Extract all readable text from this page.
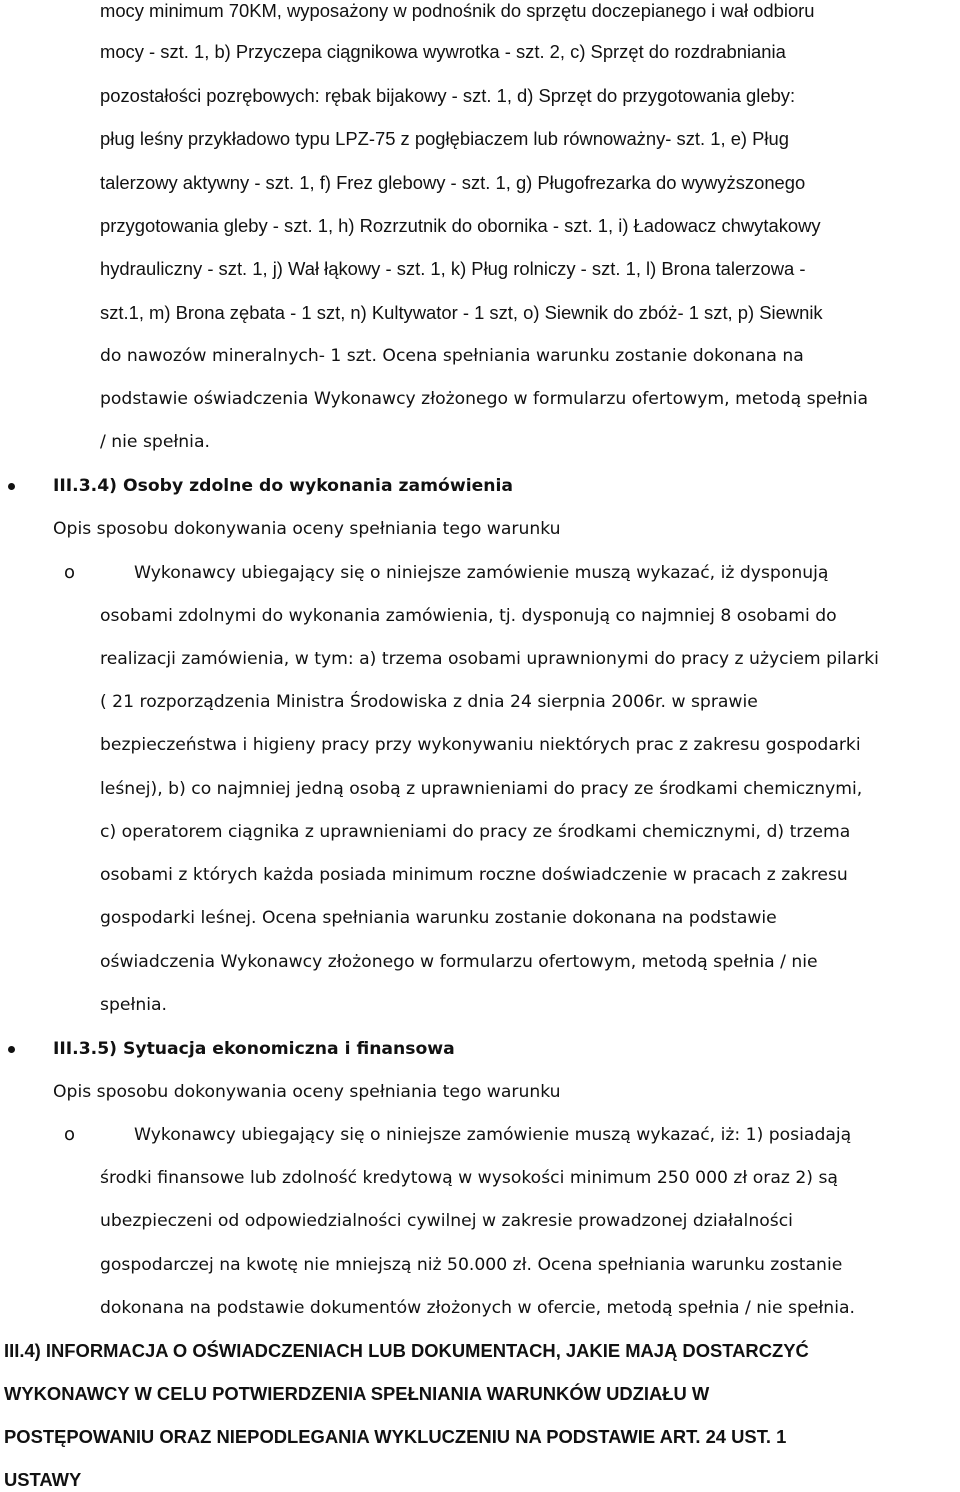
mocy minimum 70KM, wyposażony w podnośnik do sprzętu doczepianego i wał odbioru

mocy - szt. 1, b) Przyczepa ciągnikowa wywrotka - szt. 2, c) Sprzęt do rozdrabniania

pozostałości pozrębowych: rębak bijakowy - szt. 1, d) Sprzęt do przygotowania gleby:

pług leśny przykładowo typu LPZ-75 z pogłębiaczem lub równoważny- szt. 1, e) Pług

talerzowy aktywny - szt. 1, f) Frez glebowy - szt. 1, g) Pługofrezarka do wywyższonego

przygotowania gleby - szt. 1, h) Rozrzutnik do obornika - szt. 1, i) Ładowacz chwytakowy

hydrauliczny - szt. 1, j) Wał łąkowy - szt. 1, k) Pług rolniczy - szt. 1, l) Brona talerzowa -

szt.1, m) Brona zębata - 1 szt, n) Kultywator - 1 szt, o) Siewnik do zbóż- 1 szt, p) Siewnik

do nawozów mineralnych- 1 szt. Ocena spełniania warunku zostanie dokonana na

podstawie oświadczenia Wykonawcy złożonego w formularzu ofertowym, metodą spełnia

/ nie spełnia.

III.3.4) Osoby zdolne do wykonania zamówienia

Opis sposobu dokonywania oceny spełniania tego warunku

o	Wykonawcy ubiegający się o niniejsze zamówienie muszą wykazać, iż dysponują

osobami zdolnymi do wykonania zamówienia, tj. dysponują co najmniej 8 osobami do

realizacji zamówienia, w tym: a) trzema osobami uprawnionymi do pracy z użyciem pilarki

( 21 rozporządzenia Ministra Środowiska z dnia 24 sierpnia 2006r. w sprawie

bezpieczeństwa i higieny pracy przy wykonywaniu niektórych prac z zakresu gospodarki

leśnej), b) co najmniej jedną osobą z uprawnieniami do pracy ze środkami chemicznymi,

c) operatorem ciągnika z uprawnieniami do pracy ze środkami chemicznymi, d) trzema

osobami z których każda posiada minimum roczne doświadczenie w pracach z zakresu

gospodarki leśnej. Ocena spełniania warunku zostanie dokonana na podstawie

oświadczenia Wykonawcy złożonego w formularzu ofertowym, metodą spełnia / nie

spełnia.

III.3.5) Sytuacja ekonomiczna i finansowa

Opis sposobu dokonywania oceny spełniania tego warunku

o	Wykonawcy ubiegający się o niniejsze zamówienie muszą wykazać, iż: 1) posiadają

środki finansowe lub zdolność kredytową w wysokości minimum 250 000 zł oraz 2) są

ubezpieczeni od odpowiedzialności cywilnej w zakresie prowadzonej działalności

gospodarczej na kwotę nie mniejszą niż 50.000 zł. Ocena spełniania warunku zostanie

dokonana na podstawie dokumentów złożonych w ofercie, metodą spełnia / nie spełnia.

III.4) INFORMACJA O OŚWIADCZENIACH LUB DOKUMENTACH, JAKIE MAJĄ DOSTARCZYĆ

WYKONAWCY W CELU POTWIERDZENIA SPEŁNIANIA WARUNKÓW UDZIAŁU W

POSTĘPOWANIU ORAZ NIEPODLEGANIA WYKLUCZENIU NA PODSTAWIE ART. 24 UST. 1

USTAWY
